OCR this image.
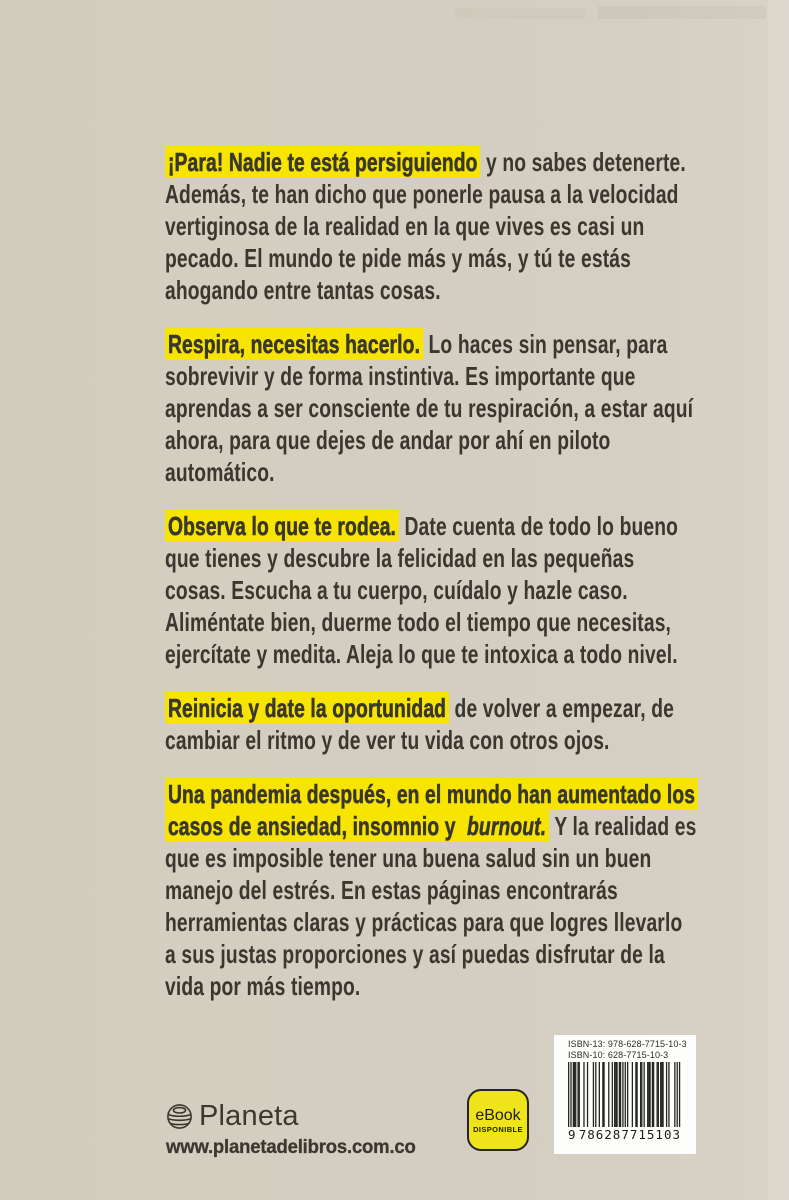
¡Para! Nadie te está persiguiendo y no sabes detenerte. Además, te han dicho que ponerle pausa a la velocidad vertiginosa de la realidad en la que vives es casi un pecado. El mundo te pide más y más, y tú te estás ahogando entre tantas cosas.

Respira, necesitas hacerlo. Lo haces sin pensar, para sobrevivir y de forma instintiva. Es importante que aprendas a ser consciente de tu respiración, a estar aquí ahora, para que dejes de andar por ahí en piloto automático.

Observa lo que te rodea. Date cuenta de todo lo bueno que tienes y descubre la felicidad en las pequeñas cosas. Escucha a tu cuerpo, cuídalo y hazle caso. Aliméntate bien, duerme todo el tiempo que necesitas, ejercítate y medita. Aleja lo que te intoxica a todo nivel.

Reinicia y date la oportunidad de volver a empezar, de cambiar el ritmo y de ver tu vida con otros ojos.

Una pandemia después, en el mundo han aumentado los casos de ansiedad, insomnio y burnout. Y la realidad es que es imposible tener una buena salud sin un buen manejo del estrés. En estas páginas encontrarás herramientas claras y prácticas para que logres llevarlo a sus justas proporciones y así puedas disfrutar de la vida por más tiempo.

Planeta
www.planetadelibros.com.co
eBook
DISPONIBLE
ISBN-13: 978-628-7715-10-3
ISBN-10: 628-7715-10-3
9 786287 715103
